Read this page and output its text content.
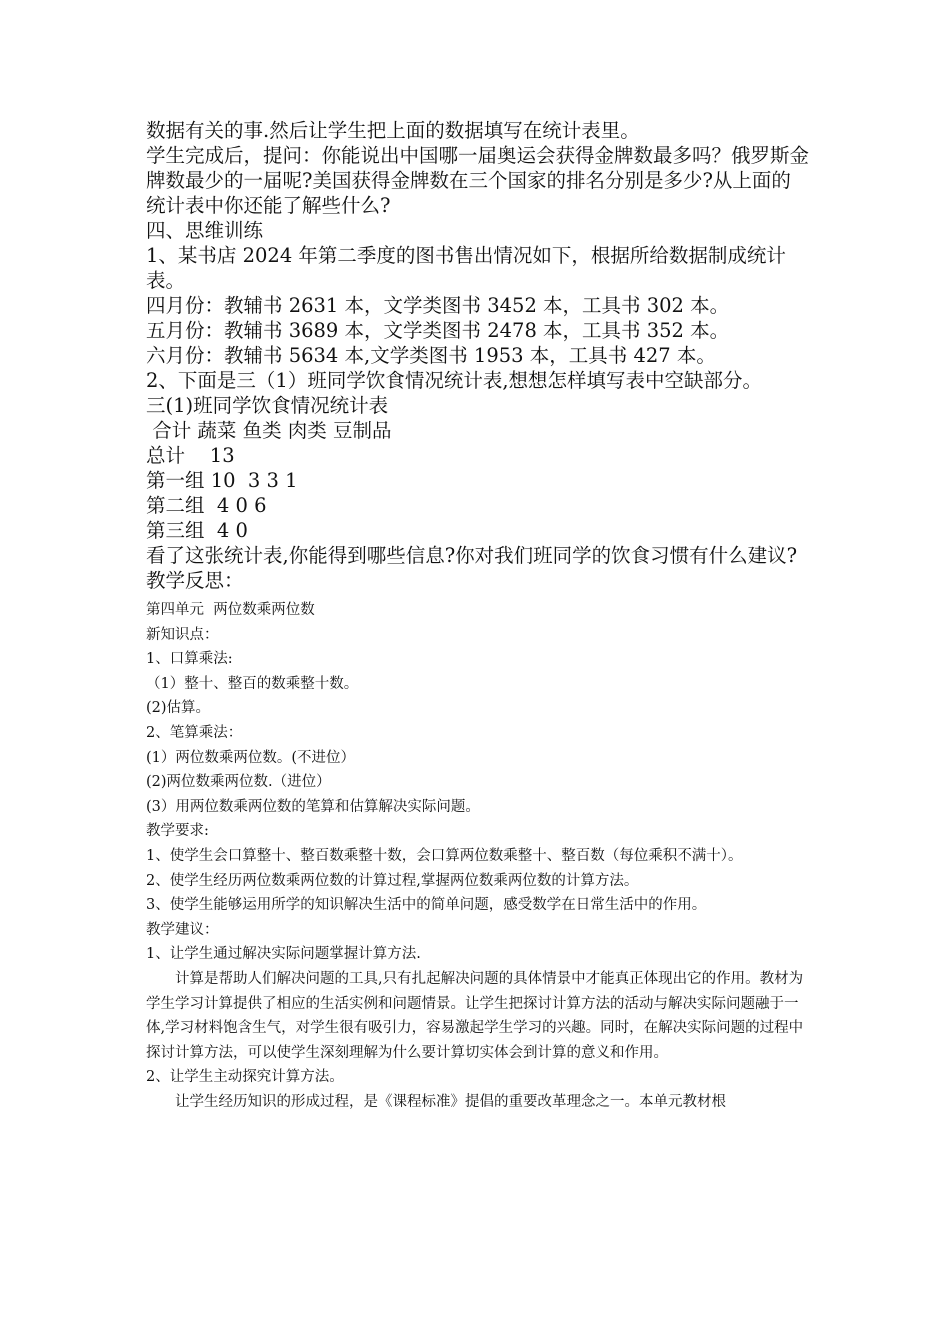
数据有关的事.然后让学生把上面的数据填写在统计表里。

学生完成后，提问：你能说出中国哪一届奥运会获得金牌数最多吗？俄罗斯金牌数最少的一届呢?美国获得金牌数在三个国家的排名分别是多少?从上面的统计表中你还能了解些什么?

四、思维训练

1、某书店 2024 年第二季度的图书售出情况如下，根据所给数据制成统计表。

四月份：教辅书 2631 本，文学类图书 3452 本，工具书 302 本。

五月份：教辅书 3689 本，文学类图书 2478 本，工具书 352 本。

六月份：教辅书 5634 本,文学类图书 1953 本，工具书 427 本。

2、下面是三（1）班同学饮食情况统计表,想想怎样填写表中空缺部分。

三(1)班同学饮食情况统计表

合计 蔬菜 鱼类 肉类 豆制品

总计    13

第一组 10  3 3 1

第二组  4 0 6

第三组  4 0

看了这张统计表,你能得到哪些信息?你对我们班同学的饮食习惯有什么建议?

教学反思：

第四单元  两位数乘两位数

新知识点：

1、口算乘法:

（1）整十、整百的数乘整十数。

(2)估算。

2、笔算乘法：

(1）两位数乘两位数。(不进位）

(2)两位数乘两位数.（进位）

(3）用两位数乘两位数的笔算和估算解决实际问题。

教学要求:

1、使学生会口算整十、整百数乘整十数，会口算两位数乘整十、整百数（每位乘积不满十）。

2、使学生经历两位数乘两位数的计算过程,掌握两位数乘两位数的计算方法。

3、使学生能够运用所学的知识解决生活中的简单问题，感受数学在日常生活中的作用。

教学建议：

1、让学生通过解决实际问题掌握计算方法.

计算是帮助人们解决问题的工具,只有扎起解决问题的具体情景中才能真正体现出它的作用。教材为学生学习计算提供了相应的生活实例和问题情景。让学生把探讨计算方法的活动与解决实际问题融于一体,学习材料饱含生气，对学生很有吸引力，容易激起学生学习的兴趣。同时，在解决实际问题的过程中探讨计算方法，可以使学生深刻理解为什么要计算切实体会到计算的意义和作用。

2、让学生主动探究计算方法。

让学生经历知识的形成过程，是《课程标准》提倡的重要改革理念之一。本单元教材根
